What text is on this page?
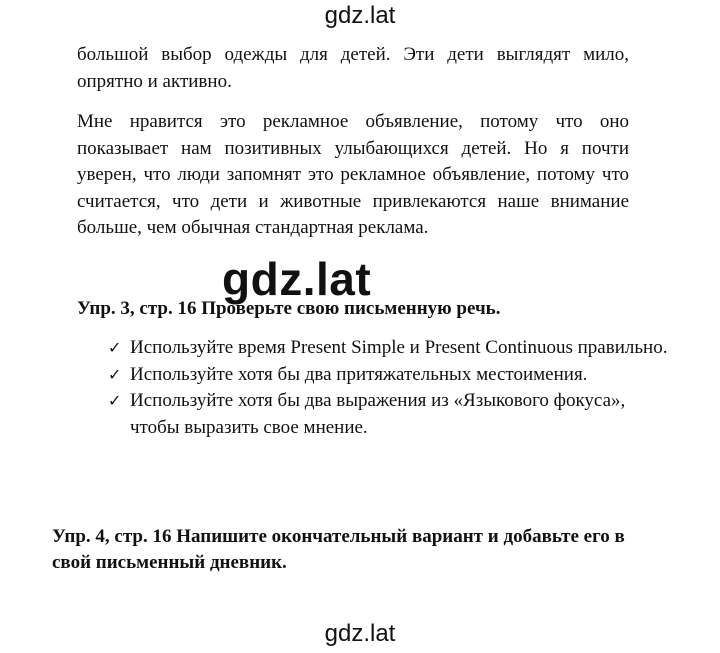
gdz.lat
большой выбор одежды для детей. Эти дети выглядят мило, опрятно и активно.
Мне нравится это рекламное объявление, потому что оно показывает нам позитивных улыбающихся детей. Но я почти уверен, что люди запомнят это рекламное объявление, потому что считается, что дети и животные привлекаются наше внимание больше, чем обычная стандартная реклама.
gdz.lat
Упр. 3, стр. 16 Проверьте свою письменную речь.
✓ Используйте время Present Simple и Present Continuous правильно.
✓ Используйте хотя бы два притяжательных местоимения.
✓ Используйте хотя бы два выражения из «Языкового фокуса», чтобы выразить свое мнение.
Упр. 4, стр. 16 Напишите окончательный вариант и добавьте его в свой письменный дневник.
gdz.lat
